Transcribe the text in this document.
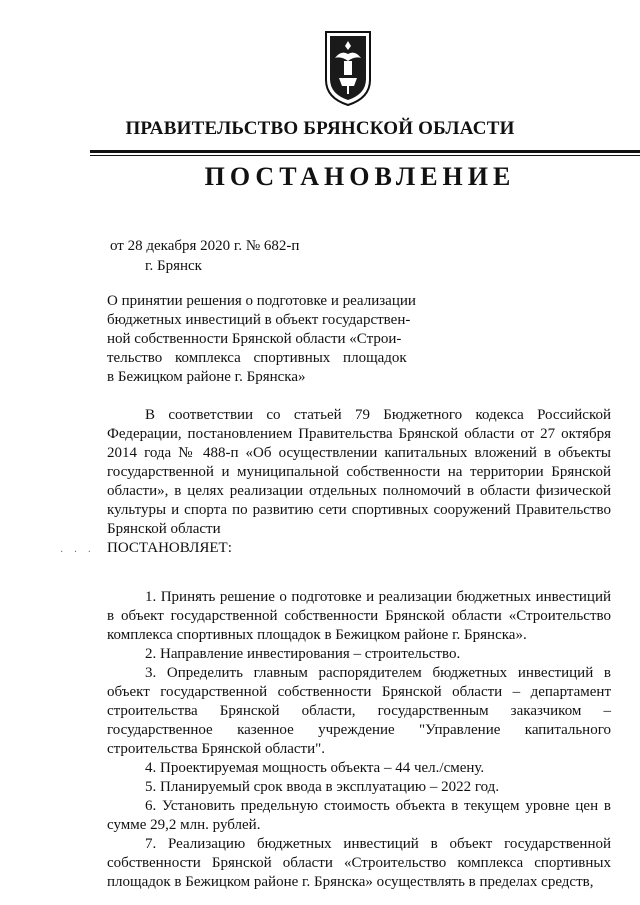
ПРАВИТЕЛЬСТВО БРЯНСКОЙ ОБЛАСТИ
ПОСТАНОВЛЕНИЕ
от 28 декабря 2020 г. № 682-п
г. Брянск
О принятии решения о подготовке и реализации
бюджетных инвестиций в объект государствен-
ной собственности Брянской области «Строи-
тельство комплекса спортивных площадок
в Бежицком районе г. Брянска»
· · ·

В соответствии со статьей 79 Бюджетного кодекса Российской Федерации, постановлением Правительства Брянской области от 27 октября 2014 года № 488-п «Об осуществлении капитальных вложений в объекты государственной и муниципальной собственности на территории Брянской области», в целях реализации отдельных полномочий в области физической культуры и спорта по развитию сети спортивных сооружений Правительство Брянской области

ПОСТАНОВЛЯЕТ:

1. Принять решение о подготовке и реализации бюджетных инвестиций в объект государственной собственности Брянской области «Строительство комплекса спортивных площадок в Бежицком районе г. Брянска».

2. Направление инвестирования – строительство.

3. Определить главным распорядителем бюджетных инвестиций в объект государственной собственности Брянской области – департамент строительства Брянской области, государственным заказчиком – государственное казенное учреждение "Управление капитального строительства Брянской области".

4. Проектируемая мощность объекта – 44 чел./смену.

5. Планируемый срок ввода в эксплуатацию – 2022 год.

6. Установить предельную стоимость объекта в текущем уровне цен в сумме 29,2 млн. рублей.

7. Реализацию бюджетных инвестиций в объект государственной собственности Брянской области «Строительство комплекса спортивных площадок в Бежицком районе г. Брянска» осуществлять в пределах средств,
